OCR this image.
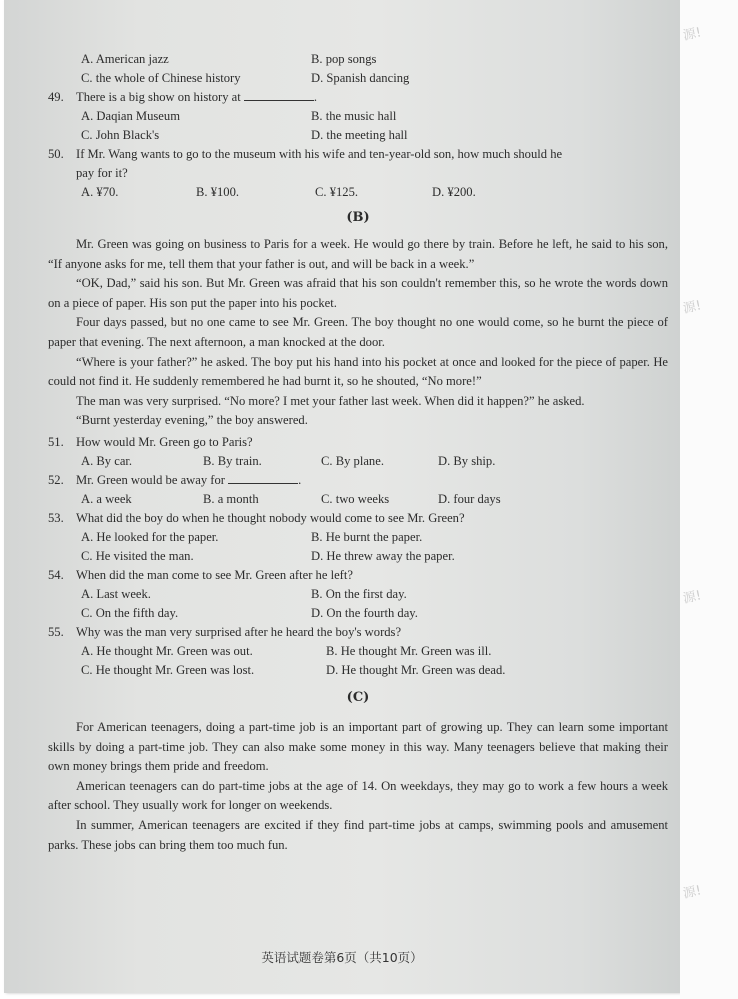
A. American jazz	B. pop songs
C. the whole of Chinese history	D. Spanish dancing
49. There is a big show on history at	.
A. Daqian Museum	B. the music hall
C. John Black's	D. the meeting hall
50. If Mr. Wang wants to go to the museum with his wife and ten-year-old son, how much should he
pay for it?
A. ¥70.	B. ¥100.	C. ¥125.	D. ¥200.
(B)

Mr. Green was going on business to Paris for a week. He would go there by train. Before he left, he said to his son, “If anyone asks for me, tell them that your father is out, and will be back in a week.”

“OK, Dad,” said his son. But Mr. Green was afraid that his son couldn't remember this, so he wrote the words down on a piece of paper. His son put the paper into his pocket.

Four days passed, but no one came to see Mr. Green. The boy thought no one would come, so he burnt the piece of paper that evening. The next afternoon, a man knocked at the door.

“Where is your father?” he asked. The boy put his hand into his pocket at once and looked for the piece of paper. He could not find it. He suddenly remembered he had burnt it, so he shouted, “No more!”

The man was very surprised. “No more? I met your father last week. When did it happen?” he asked.

“Burnt yesterday evening,” the boy answered.

51. How would Mr. Green go to Paris?
A. By car.	B. By train.	C. By plane.	D. By ship.
52. Mr. Green would be away for	.
A. a week	B. a month	C. two weeks	D. four days
53. What did the boy do when he thought nobody would come to see Mr. Green?
A. He looked for the paper.	B. He burnt the paper.
C. He visited the man.	D. He threw away the paper.
54. When did the man come to see Mr. Green after he left?
A. Last week.	B. On the first day.
C. On the fifth day.	D. On the fourth day.
55. Why was the man very surprised after he heard the boy's words?
A. He thought Mr. Green was out.	B. He thought Mr. Green was ill.
C. He thought Mr. Green was lost.	D. He thought Mr. Green was dead.
(C)

For American teenagers, doing a part-time job is an important part of growing up. They can learn some important skills by doing a part-time job. They can also make some money in this way. Many teenagers believe that making their own money brings them pride and freedom.

American teenagers can do part-time jobs at the age of 14. On weekdays, they may go to work a few hours a week after school. They usually work for longer on weekends.

In summer, American teenagers are excited if they find part-time jobs at camps, swimming pools and amusement parks. These jobs can bring them too much fun.

英语试题卷第6页（共10页）
源!
源!
源!
源!
